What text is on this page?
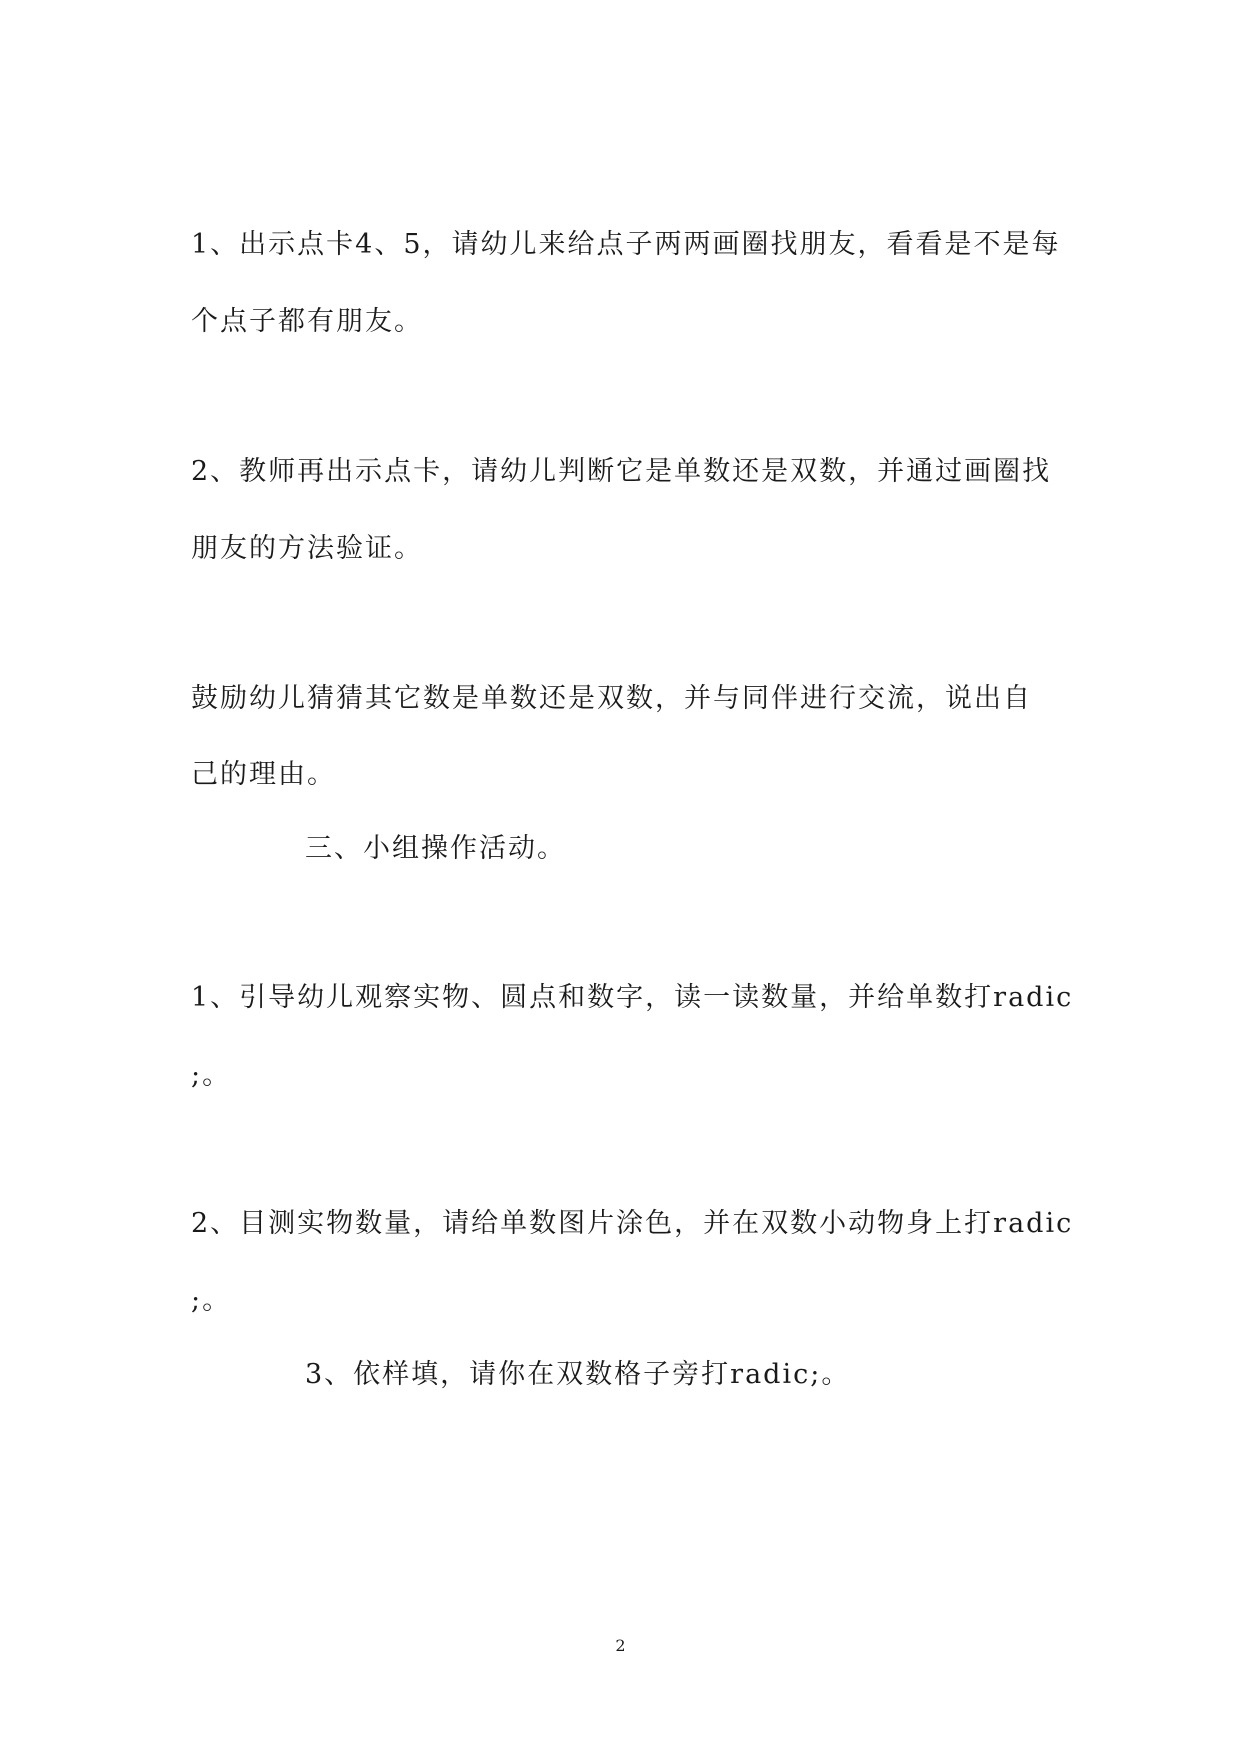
1、出示点卡4、5，请幼儿来给点子两两画圈找朋友，看看是不是每
个点子都有朋友。
2、教师再出示点卡，请幼儿判断它是单数还是双数，并通过画圈找
朋友的方法验证。
鼓励幼儿猜猜其它数是单数还是双数，并与同伴进行交流，说出自
己的理由。
三、小组操作活动。
1、引导幼儿观察实物、圆点和数字，读一读数量，并给单数打radic
;。
2、目测实物数量，请给单数图片涂色，并在双数小动物身上打radic
;。
3、依样填，请你在双数格子旁打radic;。
2
